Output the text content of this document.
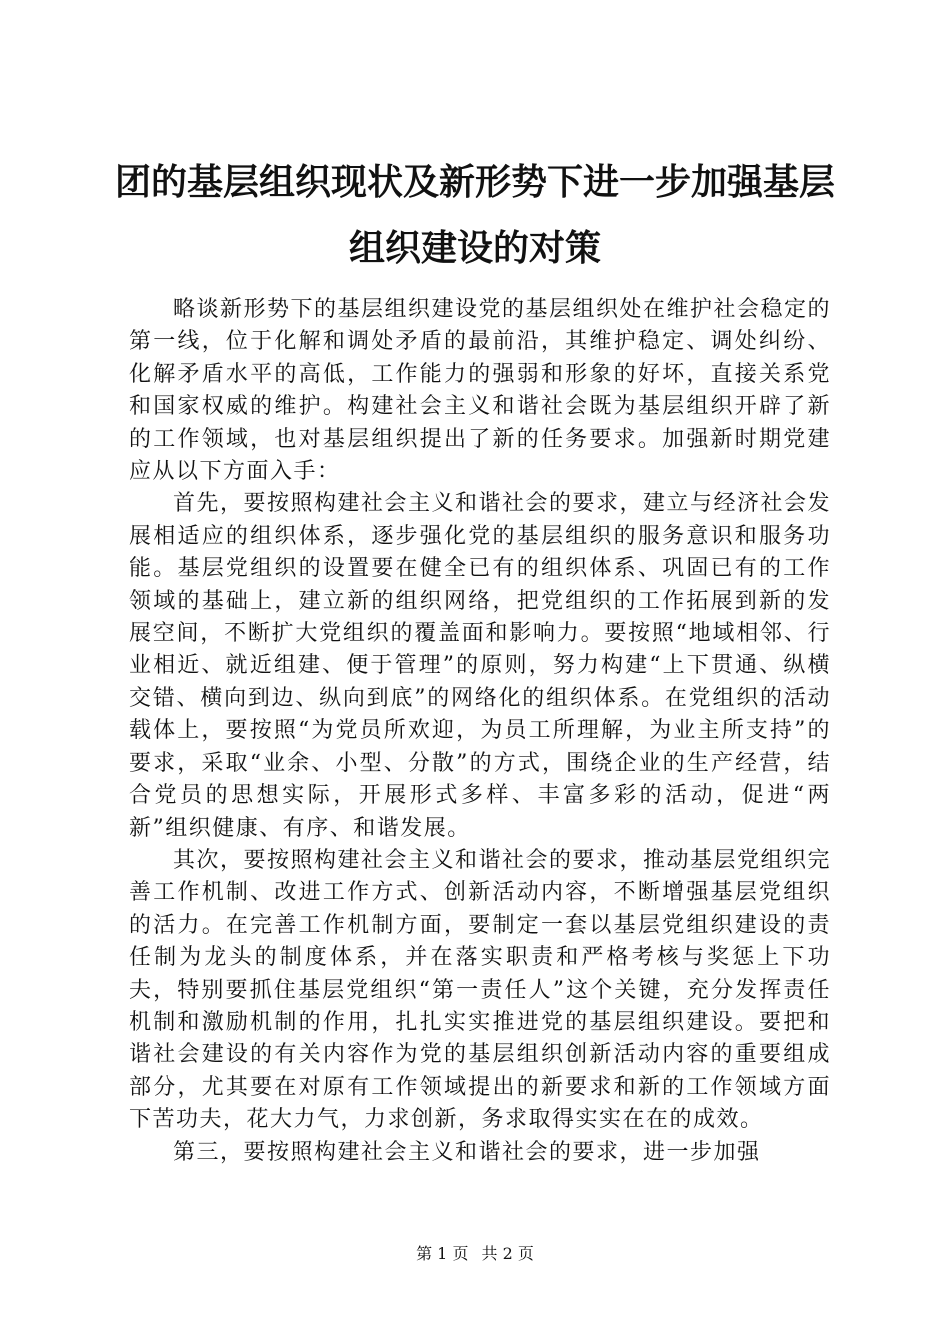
团的基层组织现状及新形势下进一步加强基层
组织建设的对策

略谈新形势下的基层组织建设党的基层组织处在维护社会稳定的第一线，位于化解和调处矛盾的最前沿，其维护稳定、调处纠纷、化解矛盾水平的高低，工作能力的强弱和形象的好坏，直接关系党和国家权威的维护。构建社会主义和谐社会既为基层组织开辟了新的工作领域，也对基层组织提出了新的任务要求。加强新时期党建应从以下方面入手：

首先，要按照构建社会主义和谐社会的要求，建立与经济社会发展相适应的组织体系，逐步强化党的基层组织的服务意识和服务功能。基层党组织的设置要在健全已有的组织体系、巩固已有的工作领域的基础上，建立新的组织网络，把党组织的工作拓展到新的发展空间，不断扩大党组织的覆盖面和影响力。要按照“地域相邻、行业相近、就近组建、便于管理”的原则，努力构建“上下贯通、纵横交错、横向到边、纵向到底”的网络化的组织体系。在党组织的活动载体上，要按照“为党员所欢迎，为员工所理解，为业主所支持”的要求，采取“业余、小型、分散”的方式，围绕企业的生产经营，结合党员的思想实际，开展形式多样、丰富多彩的活动，促进“两新”组织健康、有序、和谐发展。

其次，要按照构建社会主义和谐社会的要求，推动基层党组织完善工作机制、改进工作方式、创新活动内容，不断增强基层党组织的活力。在完善工作机制方面，要制定一套以基层党组织建设的责任制为龙头的制度体系，并在落实职责和严格考核与奖惩上下功夫，特别要抓住基层党组织“第一责任人”这个关键，充分发挥责任机制和激励机制的作用，扎扎实实推进党的基层组织建设。要把和谐社会建设的有关内容作为党的基层组织创新活动内容的重要组成部分，尤其要在对原有工作领域提出的新要求和新的工作领域方面下苦功夫，花大力气，力求创新，务求取得实实在在的成效。

第三，要按照构建社会主义和谐社会的要求，进一步加强

第 1 页 共 2 页
